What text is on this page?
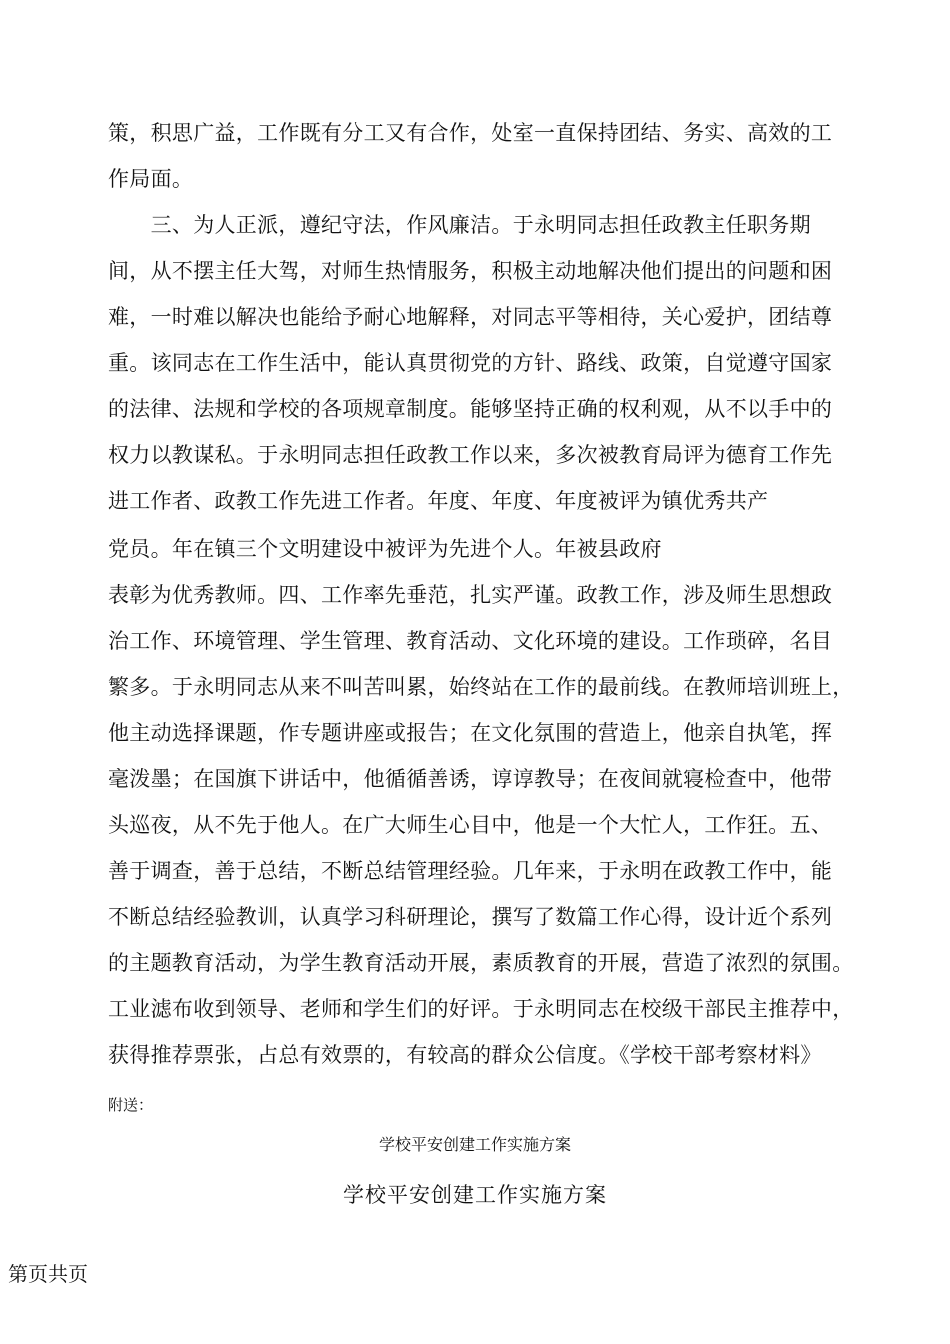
策，积思广益，工作既有分工又有合作，处室一直保持团结、务实、高效的工
作局面。
　　三、为人正派，遵纪守法，作风廉洁。于永明同志担任政教主任职务期
间，从不摆主任大驾，对师生热情服务，积极主动地解决他们提出的问题和困
难，一时难以解决也能给予耐心地解释，对同志平等相待，关心爱护，团结尊
重。该同志在工作生活中，能认真贯彻党的方针、路线、政策，自觉遵守国家
的法律、法规和学校的各项规章制度。能够坚持正确的权利观，从不以手中的
权力以教谋私。于永明同志担任政教工作以来，多次被教育局评为德育工作先
进工作者、政教工作先进工作者。年度、年度、年度被评为镇优秀共产
党员。年在镇三个文明建设中被评为先进个人。年被县政府
表彰为优秀教师。四、工作率先垂范，扎实严谨。政教工作，涉及师生思想政
治工作、环境管理、学生管理、教育活动、文化环境的建设。工作琐碎，名目
繁多。于永明同志从来不叫苦叫累，始终站在工作的最前线。在教师培训班上，
他主动选择课题，作专题讲座或报告；在文化氛围的营造上，他亲自执笔，挥
毫泼墨；在国旗下讲话中，他循循善诱，谆谆教导；在夜间就寝检查中，他带
头巡夜，从不先于他人。在广大师生心目中，他是一个大忙人，工作狂。五、
善于调查，善于总结，不断总结管理经验。几年来，于永明在政教工作中，能
不断总结经验教训，认真学习科研理论，撰写了数篇工作心得，设计近个系列
的主题教育活动，为学生教育活动开展，素质教育的开展，营造了浓烈的氛围。
工业滤布收到领导、老师和学生们的好评。于永明同志在校级干部民主推荐中，
获得推荐票张，占总有效票的，有较高的群众公信度。《学校干部考察材料》
附送：
学校平安创建工作实施方案
学校平安创建工作实施方案
第页共页
